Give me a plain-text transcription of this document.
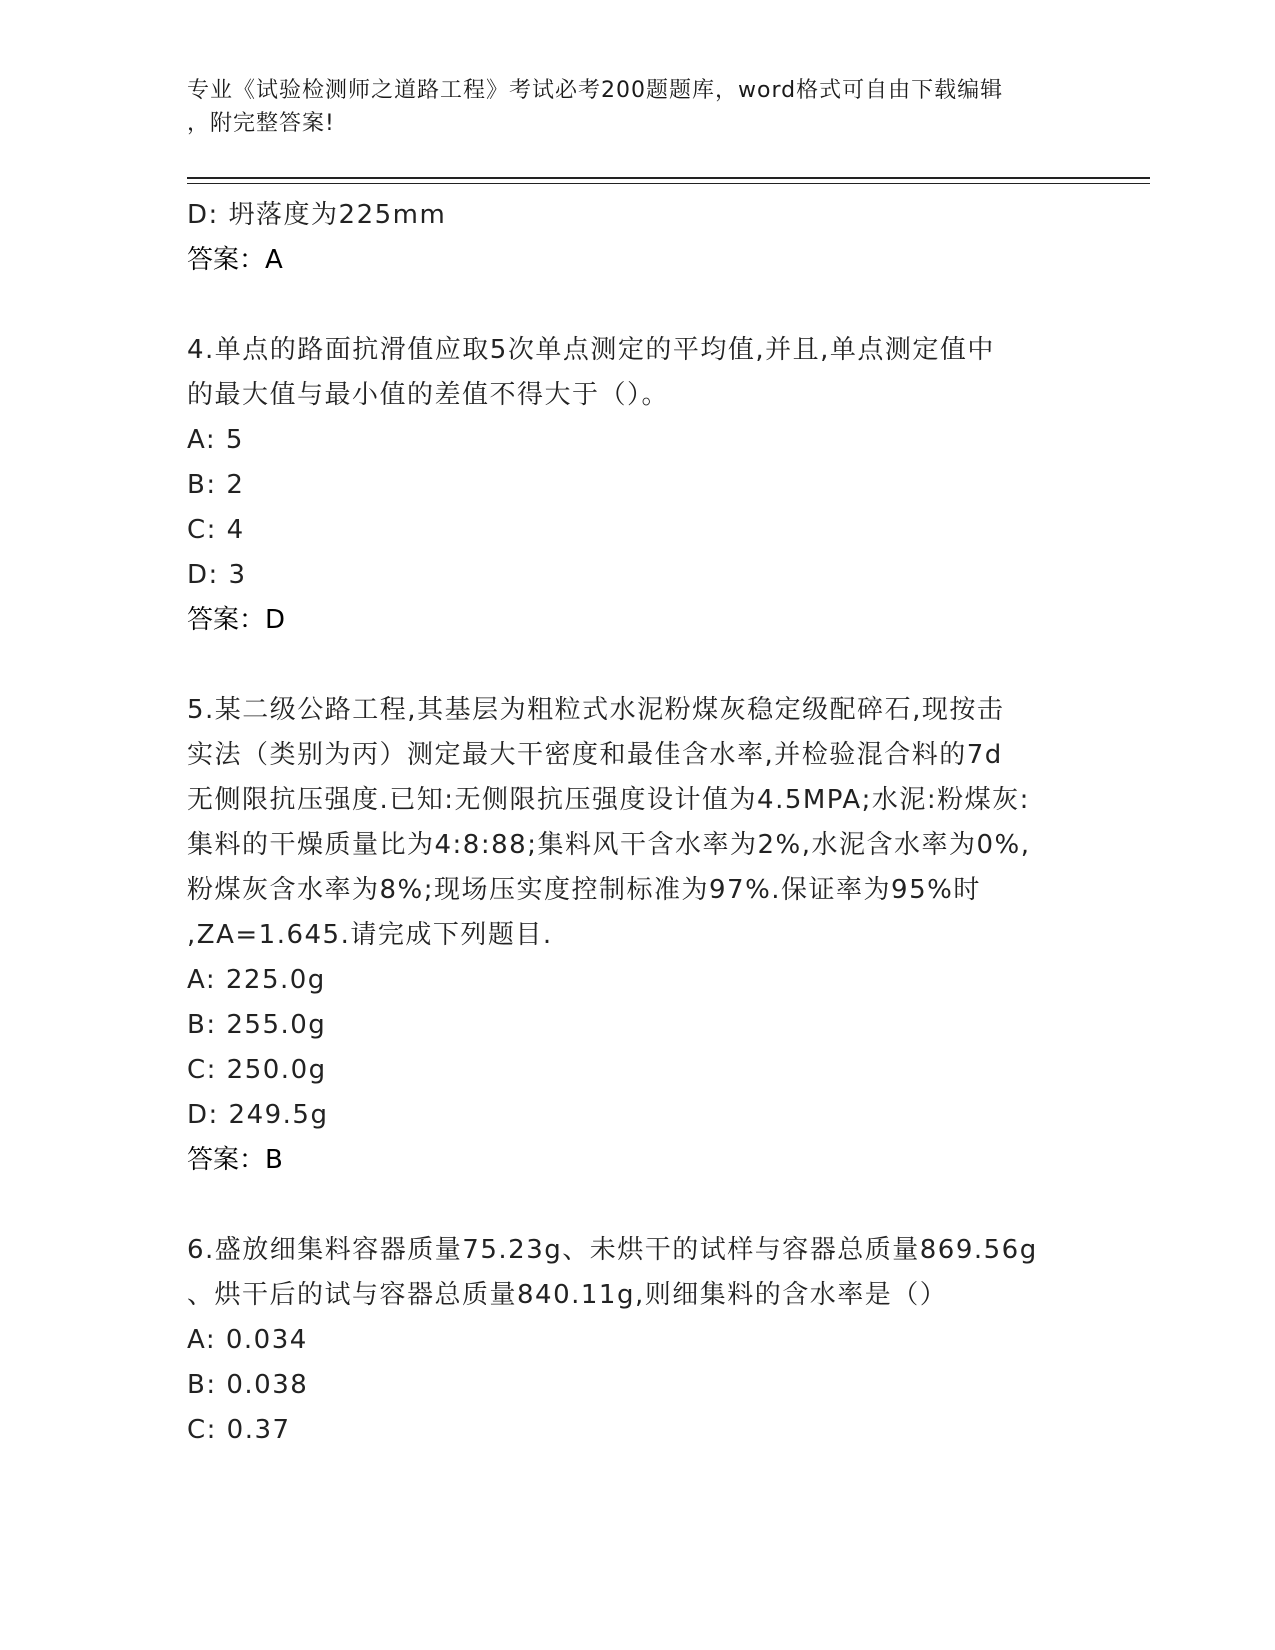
专业《试验检测师之道路工程》考试必考200题题库，word格式可自由下载编辑
，附完整答案!
D: 坍落度为225mm
答案：A
4.单点的路面抗滑值应取5次单点测定的平均值,并且,单点测定值中
的最大值与最小值的差值不得大于（）。
A: 5
B: 2
C: 4
D: 3
答案：D
5.某二级公路工程,其基层为粗粒式水泥粉煤灰稳定级配碎石,现按击
实法（类别为丙）测定最大干密度和最佳含水率,并检验混合料的7d
无侧限抗压强度.已知:无侧限抗压强度设计值为4.5MPA;水泥:粉煤灰:
集料的干燥质量比为4:8:88;集料风干含水率为2%,水泥含水率为0%,
粉煤灰含水率为8%;现场压实度控制标准为97%.保证率为95%时
,ZA=1.645.请完成下列题目.
A: 225.0g
B: 255.0g
C: 250.0g
D: 249.5g
答案：B
6.盛放细集料容器质量75.23g、未烘干的试样与容器总质量869.56g
、烘干后的试与容器总质量840.11g,则细集料的含水率是（）
A: 0.034
B: 0.038
C: 0.37
